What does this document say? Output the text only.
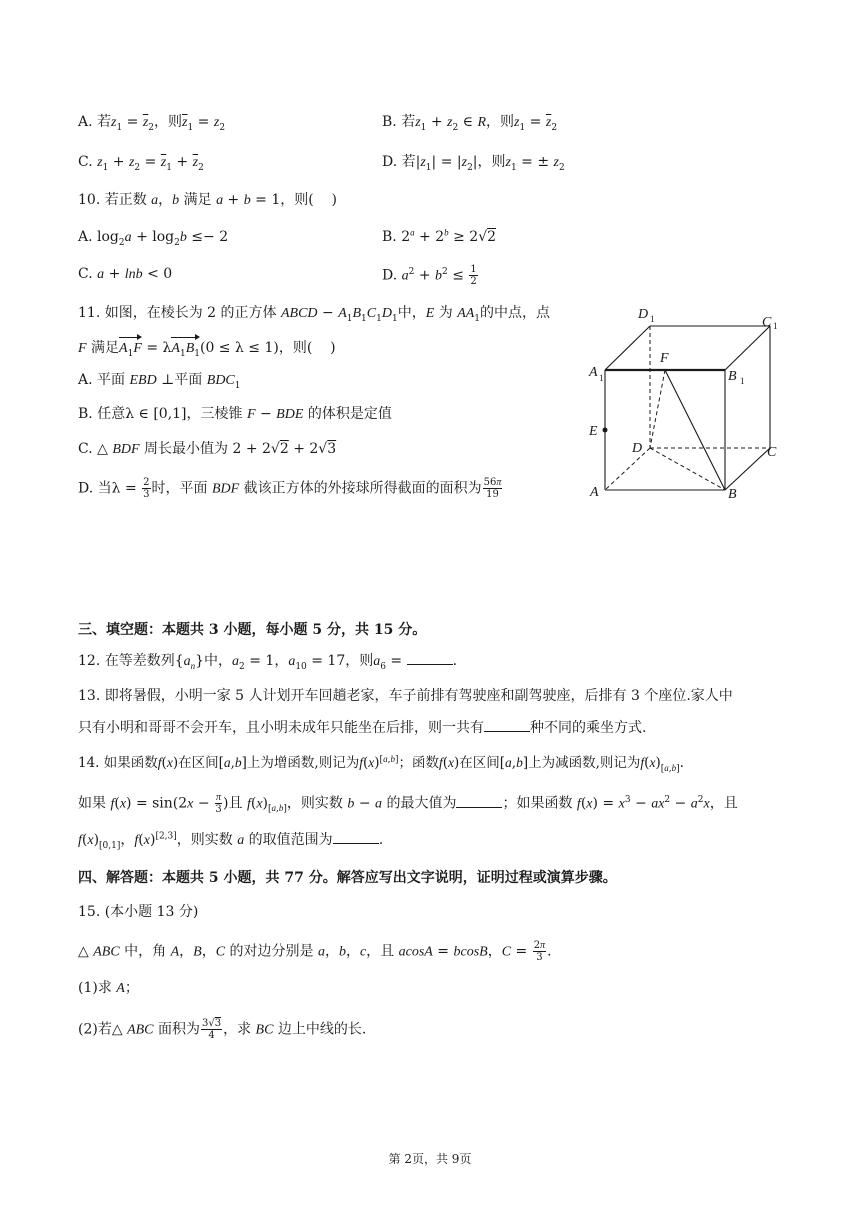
A. 若$z_1 = \overline{z}_2$，则$\overline{z}_1 = z_2$	B. 若$z_1 + z_2$ ∈ R，则$z_1 = \overline{z}_2$
C. $z_1 + z_2 = \overline{z}_1 + \overline{z}_2$	D. 若$|z_1| = |z_2|$，则$z_1$ = ± $z_2$
10. 若正数 a，b 满足 a + b = 1，则(    )
A. $\log_2a + \log_2b \le- 2$	B. $2^a + 2^b \ge 2√2$
C. a + lnb < 0	D. $a^2 + b^2 \le \frac{1}{2}$
11. 如图，在棱长为 2 的正方体 ABCD − $A_1B_1C_1D_1$中，E 为 $AA_1$的中点，点
F 满足$A_1F = \lambda A_1B_1(0 \le \lambda \le 1)$，则(    )
A. 平面 EBD ⊥平面 $BDC_1$
B. 任意λ ∈ [0,1]，三棱锥 F − BDE 的体积是定值
C. △ BDF 周长最小值为 2 + 2√2 + 2√3
D. 当$\lambda = \frac{2}{3}$ 时，平面 BDF 截该正方体的外接球所得截面的面积为 $\frac{56\pi}{19}$
D 1	C 1
A 1	B 1
F
E
D	C
A	B
三、填空题：本题共 3 小题，每小题 5 分，共 15 分。
12. 在等差数列$\{a_n\}$中，$a_2 = 1$，$a_{10} = 17$，则$a_6$ =	.
13. 即将暑假，小明一家 5 人计划开车回趟老家，车子前排有驾驶座和副驾驶座，后排有 3 个座位.家人中
只有小明和哥哥不会开车，且小明未成年只能坐在后排，则一共有	种不同的乘坐方式.
14. 如果函数f(x)在区间[a,b]上为增函数,则记为f(x)[a,b]；函数f(x)在区间[a,b]上为减函数,则记为$f(x)_{[a,b]}$.
如果 $f(x) = \sin(2x - \frac{\pi}{3}$ )且 $f(x)_{[a,b]}$，则实数 b − a 的最大值为	；如果函数 $f(x) = x^3 - ax^2 - a^2x$，且
$f(x)_{[0,1]}$，f(x)[2,3]，则实数 a 的取值范围为	.
四、解答题：本题共 5 小题，共 77 分。解答应写出文字说明，证明过程或演算步骤。
15. (本小题 13 分)
△ ABC 中，角 A，B，C 的对边分别是 a，b，c，且 acosA = bcosB，$C = \frac{2\pi}{3}$ .
(1)求 A；
(2)若△ ABC 面积为 $\frac{3√3}{4}$ ，求 BC 边上中线的长.
第 2页，共 9页
